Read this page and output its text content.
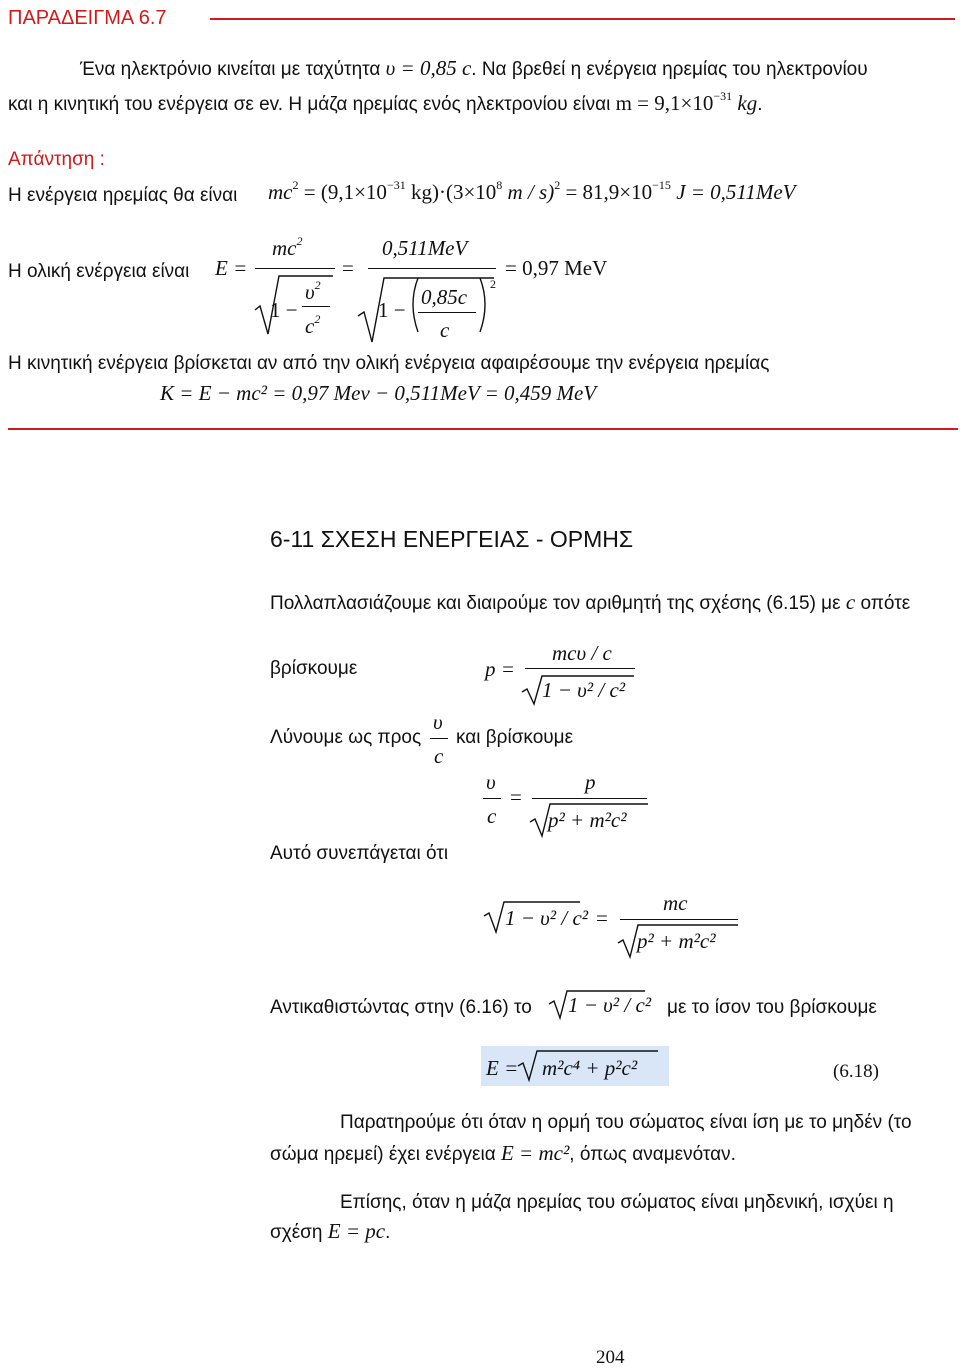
ΠΑΡΑΔΕΙΓΜΑ 6.7
Ένα ηλεκτρόνιο κινείται με ταχύτητα υ = 0,85 c. Να βρεθεί η ενέργεια ηρεμίας του ηλεκτρονίου
και η κινητική του ενέργεια σε ev. Η μάζα ηρεμίας ενός ηλεκτρονίου είναι $m = 9,1\times 10^{-31}$ kg.
Απάντηση :
Η ενέργεια ηρεμίας θα είναι $mc^2 = (9,1\times 10^{-31}$ $kg)\cdot(3\times 10^8$ $m / s)^2 = 81,9\times 10^{-15}$ J = 0,511MeV
Η ολική ενέργεια είναι E =
$mc^2$
1 −
$\upsilon^2$
$c^2$
=
0,511MeV
1 −
0,85c
c
2
= 0,97 MeV
Η κινητική ενέργεια βρίσκεται αν από την ολική ενέργεια αφαιρέσουμε την ενέργεια ηρεμίας
K = E − mc² = 0,97 Mev − 0,511MeV = 0,459 MeV
6-11 ΣΧΕΣΗ ΕΝΕΡΓΕΙΑΣ - ΟΡΜΗΣ
Πολλαπλασιάζουμε και διαιρούμε τον αριθμητή της σχέσης (6.15) με c οπότε
βρίσκουμε	p =
mcυ / c
1 − υ² / c²
Λύνουμε ως προς
υ
c
και βρίσκουμε
υ
c
=
p
p² + m²c²
Αυτό συνεπάγεται ότι
1 − υ² / c² =
mc
p² + m²c²
Αντικαθιστώντας στην (6.16) το 1 − υ² / c² με το ίσον του βρίσκουμε
E = m²c⁴ + p²c²	(6.18)
Παρατηρούμε ότι όταν η ορμή του σώματος είναι ίση με το μηδέν (το
σώμα ηρεμεί) έχει ενέργεια E = mc², όπως αναμενόταν.
Επίσης, όταν η μάζα ηρεμίας του σώματος είναι μηδενική, ισχύει η
σχέση E = pc.
204
